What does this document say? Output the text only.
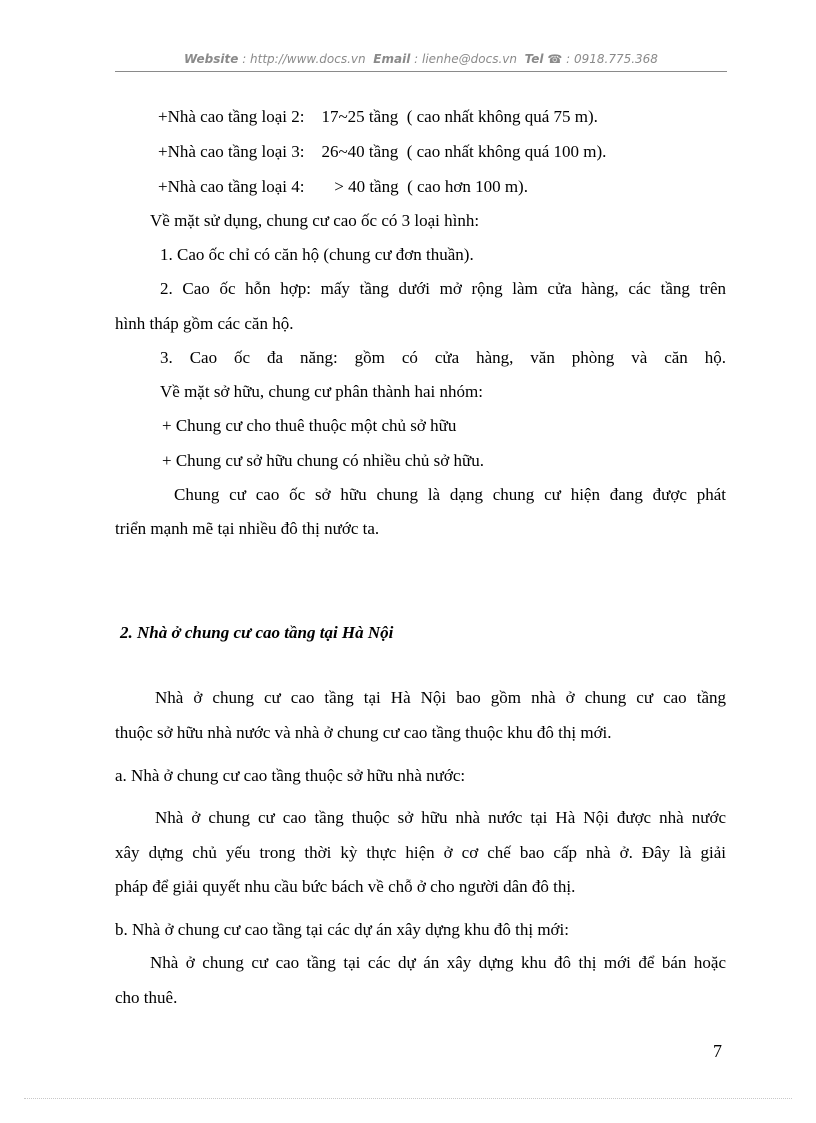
Website : http://www.docs.vn Email : lienhe@docs.vn Tel ☎ : 0918.775.368
+Nhà cao tầng loại 2:    17~25 tầng  ( cao nhất không quá 75 m).
+Nhà cao tầng loại 3:    26~40 tầng  ( cao nhất không quá 100 m).
+Nhà cao tầng loại 4:       > 40 tầng  ( cao hơn 100 m).
Về mặt sử dụng, chung cư cao ốc có 3 loại hình:
1. Cao ốc chỉ có căn hộ (chung cư đơn thuần).
2. Cao ốc hỗn hợp: mấy tầng dưới mở rộng làm cửa hàng, các tầng trên
hình tháp gồm các căn hộ.
3. Cao ốc đa năng: gồm có cửa hàng, văn phòng và căn hộ.
Về mặt sở hữu, chung cư phân thành hai nhóm:
+ Chung cư cho thuê thuộc một chủ sở hữu
+ Chung cư sở hữu chung có nhiều chủ sở hữu.
Chung cư cao ốc sở hữu chung là dạng chung cư hiện đang được phát
triển mạnh mẽ tại nhiều đô thị nước ta.
2. Nhà ở chung cư cao tầng tại Hà Nội
Nhà ở chung cư cao tầng tại Hà Nội bao gồm nhà ở chung cư cao tầng
thuộc sở hữu nhà nước và nhà ở chung cư cao tầng thuộc khu đô thị mới.
a. Nhà ở chung cư cao tầng thuộc sở hữu nhà nước:
Nhà ở chung cư cao tầng thuộc sở hữu nhà nước tại Hà Nội được nhà nước
xây dựng chủ yếu trong thời kỳ thực hiện ở cơ chế bao cấp nhà ở. Đây là giải
pháp để giải quyết nhu cầu bức bách về chỗ ở cho người dân đô thị.
b. Nhà ở chung cư cao tầng tại các dự án xây dựng khu đô thị mới:
Nhà ở chung cư cao tầng tại các dự án xây dựng khu đô thị mới để bán hoặc
cho thuê.
7
